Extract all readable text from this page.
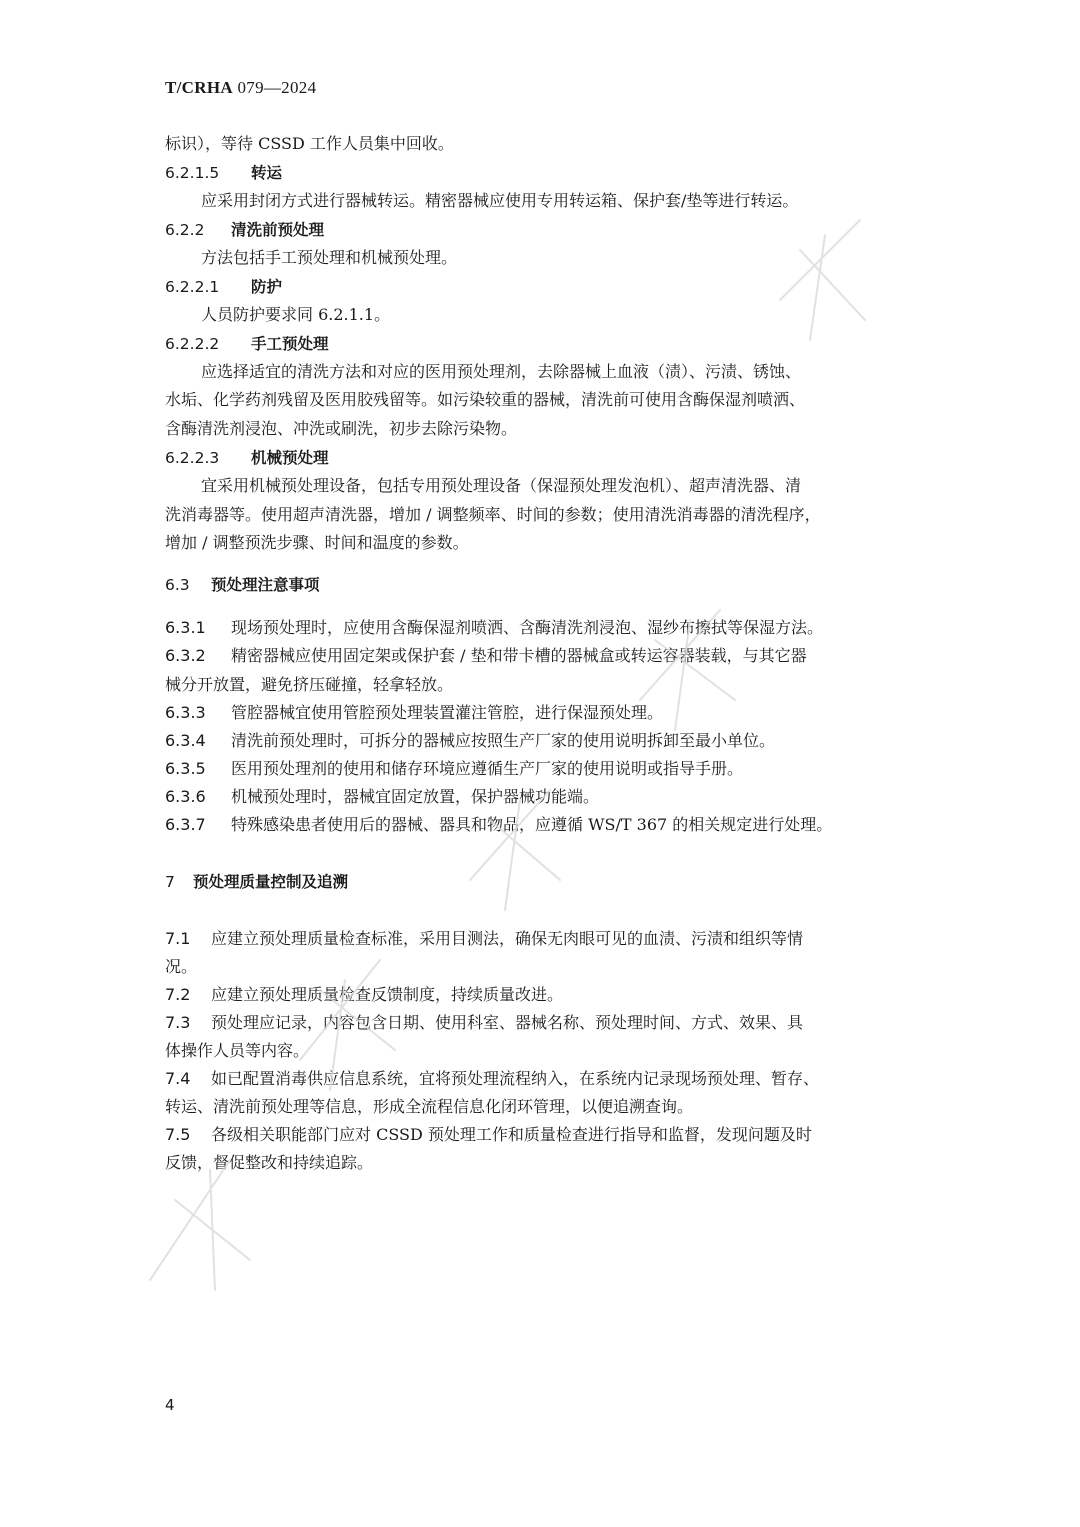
T/CRHA 079—2024
标识），等待 CSSD 工作人员集中回收。
6.2.1.5 转运
应采用封闭方式进行器械转运。精密器械应使用专用转运箱、保护套/垫等进行转运。
6.2.2 清洗前预处理
方法包括手工预处理和机械预处理。
6.2.2.1 防护
人员防护要求同 6.2.1.1。
6.2.2.2 手工预处理
应选择适宜的清洗方法和对应的医用预处理剂，去除器械上血液（渍）、污渍、锈蚀、
水垢、化学药剂残留及医用胶残留等。如污染较重的器械，清洗前可使用含酶保湿剂喷洒、
含酶清洗剂浸泡、冲洗或刷洗，初步去除污染物。
6.2.2.3 机械预处理
宜采用机械预处理设备，包括专用预处理设备（保湿预处理发泡机）、超声清洗器、清
洗消毒器等。使用超声清洗器，增加 / 调整频率、时间的参数；使用清洗消毒器的清洗程序，
增加 / 调整预洗步骤、时间和温度的参数。
6.3 预处理注意事项
6.3.1 现场预处理时，应使用含酶保湿剂喷洒、含酶清洗剂浸泡、湿纱布擦拭等保湿方法。
6.3.2 精密器械应使用固定架或保护套 / 垫和带卡槽的器械盒或转运容器装载，与其它器
械分开放置，避免挤压碰撞，轻拿轻放。
6.3.3 管腔器械宜使用管腔预处理装置灌注管腔，进行保湿预处理。
6.3.4 清洗前预处理时，可拆分的器械应按照生产厂家的使用说明拆卸至最小单位。
6.3.5 医用预处理剂的使用和储存环境应遵循生产厂家的使用说明或指导手册。
6.3.6 机械预处理时，器械宜固定放置，保护器械功能端。
6.3.7 特殊感染患者使用后的器械、器具和物品，应遵循 WS/T 367 的相关规定进行处理。
7 预处理质量控制及追溯
7.1 应建立预处理质量检查标准，采用目测法，确保无肉眼可见的血渍、污渍和组织等情
况。
7.2 应建立预处理质量检查反馈制度，持续质量改进。
7.3 预处理应记录，内容包含日期、使用科室、器械名称、预处理时间、方式、效果、具
体操作人员等内容。
7.4 如已配置消毒供应信息系统，宜将预处理流程纳入，在系统内记录现场预处理、暂存、
转运、清洗前预处理等信息，形成全流程信息化闭环管理，以便追溯查询。
7.5 各级相关职能部门应对 CSSD 预处理工作和质量检查进行指导和监督，发现问题及时
反馈，督促整改和持续追踪。
4
